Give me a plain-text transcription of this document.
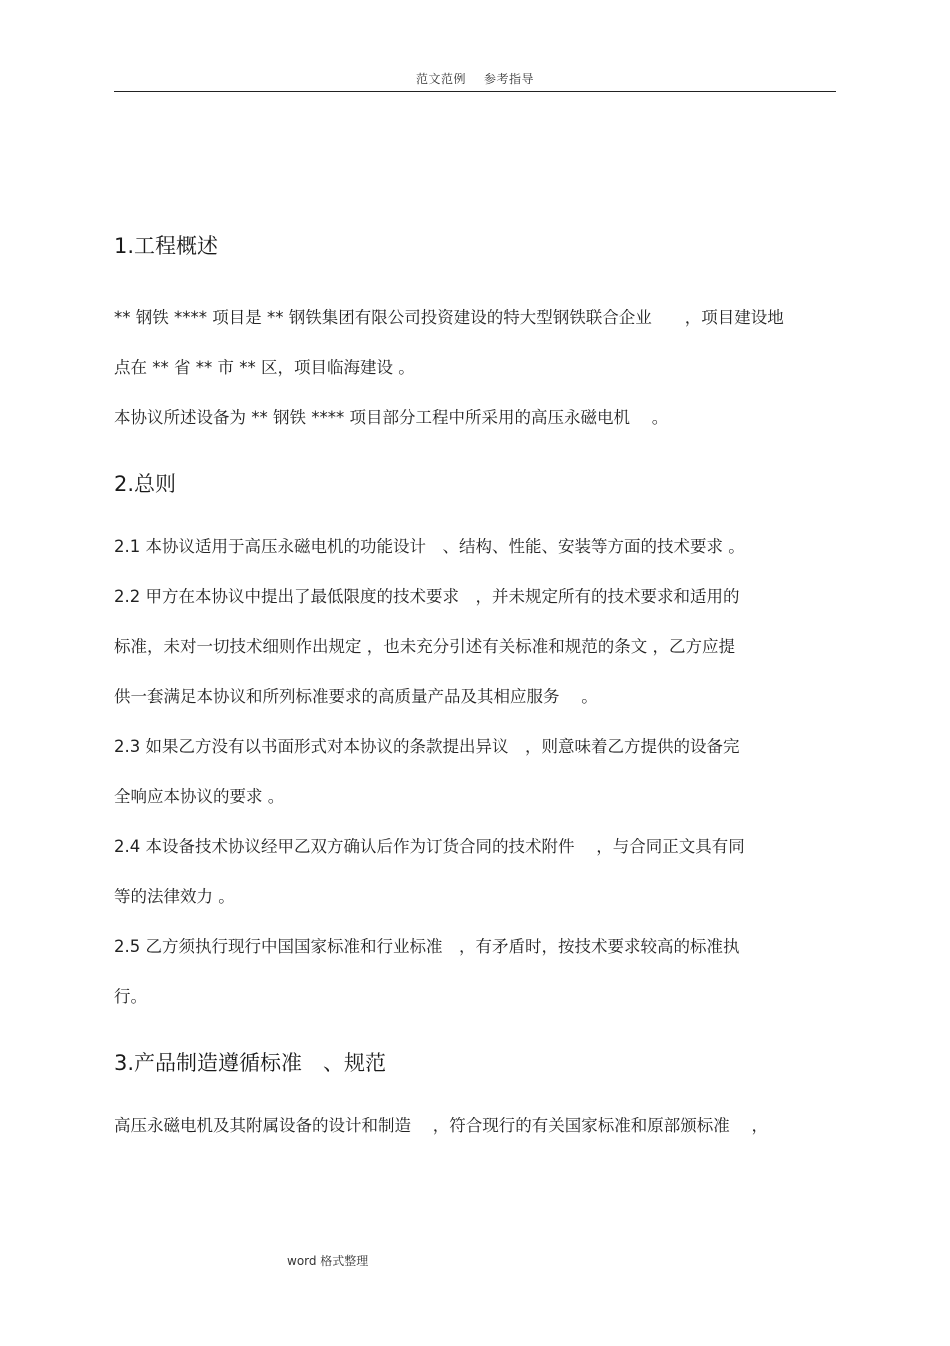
范文范例 参考指导
1.工程概述

** 钢铁 **** 项目是 ** 钢铁集团有限公司投资建设的特大型钢铁联合企业　　，项目建设地

点在 ** 省 ** 市 ** 区，项目临海建设 。

本协议所述设备为 ** 钢铁 **** 项目部分工程中所采用的高压永磁电机　 。

2.总则

2.1 本协议适用于高压永磁电机的功能设计　、结构、性能、安装等方面的技术要求 。

2.2 甲方在本协议中提出了最低限度的技术要求　，并未规定所有的技术要求和适用的

标准，未对一切技术细则作出规定 ，也未充分引述有关标准和规范的条文 ，乙方应提

供一套满足本协议和所列标准要求的高质量产品及其相应服务　 。

2.3 如果乙方没有以书面形式对本协议的条款提出异议　，则意味着乙方提供的设备完

全响应本协议的要求 。

2.4 本设备技术协议经甲乙双方确认后作为订货合同的技术附件　 ，与合同正文具有同

等的法律效力 。

2.5 乙方须执行现行中国国家标准和行业标准　，有矛盾时，按技术要求较高的标准执

行。

3.产品制造遵循标准　、规范

高压永磁电机及其附属设备的设计和制造　 ，符合现行的有关国家标准和原部颁标准　 ，

word 格式整理
